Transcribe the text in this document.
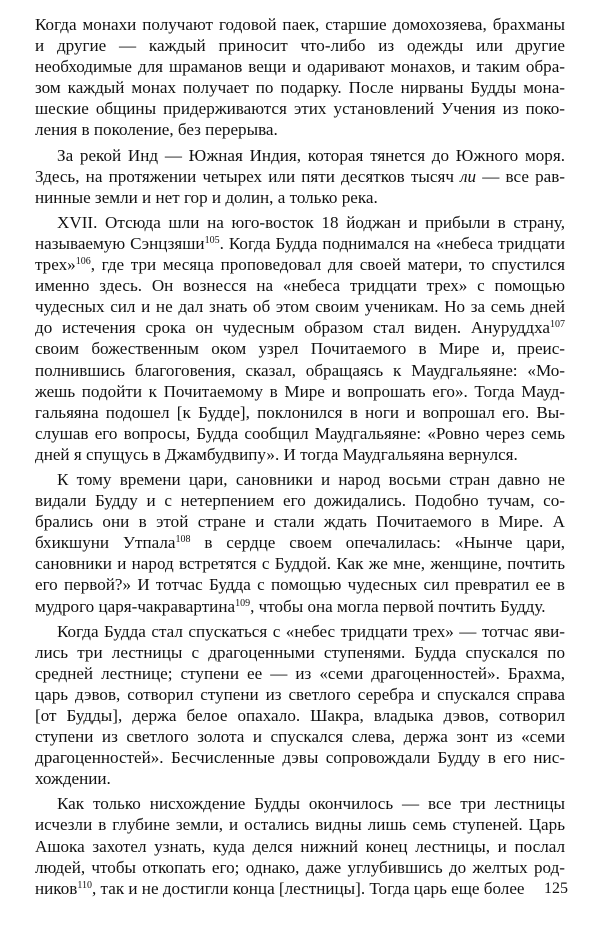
Когда монахи получают годовой паек, старшие домохозяева, брахманы и другие — каждый приносит что-либо из одежды или другие необходимые для шраманов вещи и одаривают монахов, и таким образом каждый монах получает по подарку. После нирваны Будды монашеские общины придерживаются этих установлений Учения из поколения в поколение, без перерыва.

За рекой Инд — Южная Индия, которая тянется до Южного моря. Здесь, на протяжении четырех или пяти десятков тысяч ли — все равнинные земли и нет гор и долин, а только река.

XVII. Отсюда шли на юго-восток 18 йоджан и прибыли в страну, называемую Сэнцзяши$^{105}$. Когда Будда поднимался на «небеса тридцати трех»$^{106}$, где три месяца проповедовал для своей матери, то спустился именно здесь. Он вознесся на «небеса тридцати трех» с помощью чудесных сил и не дал знать об этом своим ученикам. Но за семь дней до истечения срока он чудесным образом стал виден. Ануруддха$^{107}$ своим божественным оком узрел Почитаемого в Мире и, преисполнившись благоговения, сказал, обращаясь к Маудгальяяне: «Можешь подойти к Почитаемому в Мире и вопрошать его». Тогда Маудгальяяна подошел [к Будде], поклонился в ноги и вопрошал его. Выслушав его вопросы, Будда сообщил Маудгальяяне: «Ровно через семь дней я спущусь в Джамбудвипу». И тогда Маудгальяяна вернулся.

К тому времени цари, сановники и народ восьми стран давно не видали Будду и с нетерпением его дожидались. Подобно тучам, собрались они в этой стране и стали ждать Почитаемого в Мире. А бхикшуни Утпала$^{108}$ в сердце своем опечалилась: «Нынче цари, сановники и народ встретятся с Буддой. Как же мне, женщине, почтить его первой?» И тотчас Будда с помощью чудесных сил превратил ее в мудрого царя-чакравартина$^{109}$, чтобы она могла первой почтить Будду.

Когда Будда стал спускаться с «небес тридцати трех» — тотчас явились три лестницы с драгоценными ступенями. Будда спускался по средней лестнице; ступени ее — из «семи драгоценностей». Брахма, царь дэвов, сотворил ступени из светлого серебра и спускался справа [от Будды], держа белое опахало. Шакра, владыка дэвов, сотворил ступени из светлого золота и спускался слева, держа зонт из «семи драгоценностей». Бесчисленные дэвы сопровождали Будду в его нисхождении.

Как только нисхождение Будды окончилось — все три лестницы исчезли в глубине земли, и остались видны лишь семь ступеней. Царь Ашока захотел узнать, куда делся нижний конец лестницы, и послал людей, чтобы откопать его; однако, даже углубившись до желтых родников$^{110}$, так и не достигли конца [лестницы]. Тогда царь еще более	125
